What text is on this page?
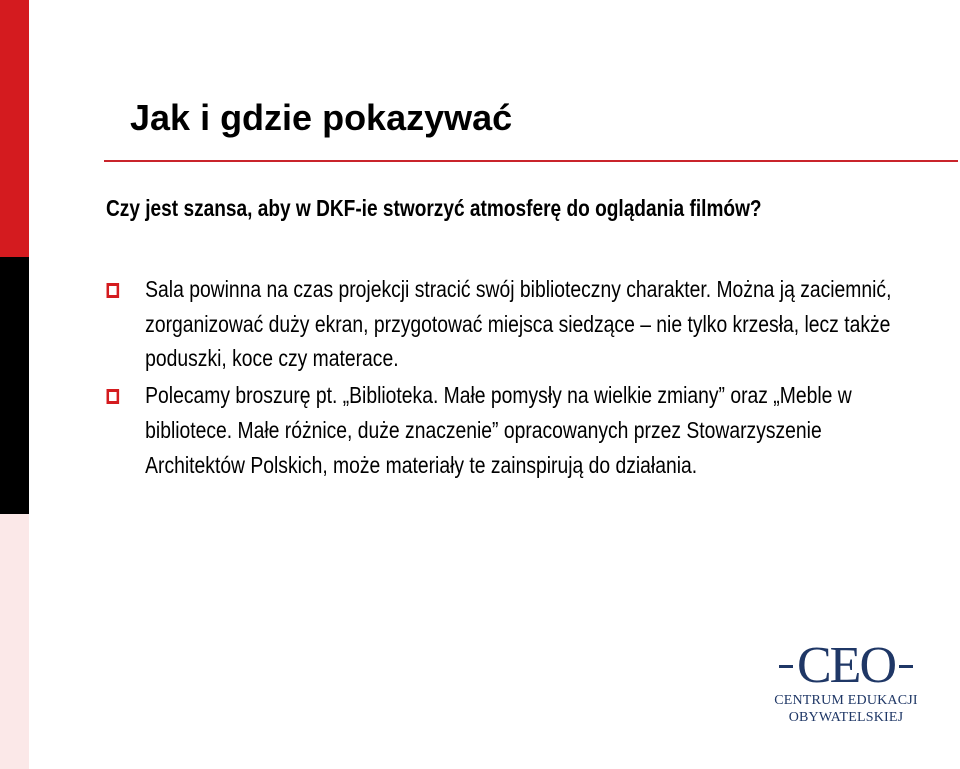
Jak i gdzie pokazywać

Czy jest szansa, aby w DKF-ie stworzyć atmosferę do oglądania filmów?

Sala powinna na czas projekcji stracić swój biblioteczny charakter. Można ją zaciemnić, zorganizować duży ekran, przygotować miejsca siedzące – nie tylko krzesła, lecz także poduszki, koce czy materace.
Polecamy broszurę pt. „Biblioteka. Małe pomysły na wielkie zmiany” oraz „Meble w bibliotece. Małe różnice, duże znaczenie” opracowanych przez Stowarzyszenie Architektów Polskich, może materiały te zainspirują do działania.
CEO
CENTRUM EDUKACJI
OBYWATELSKIEJ
